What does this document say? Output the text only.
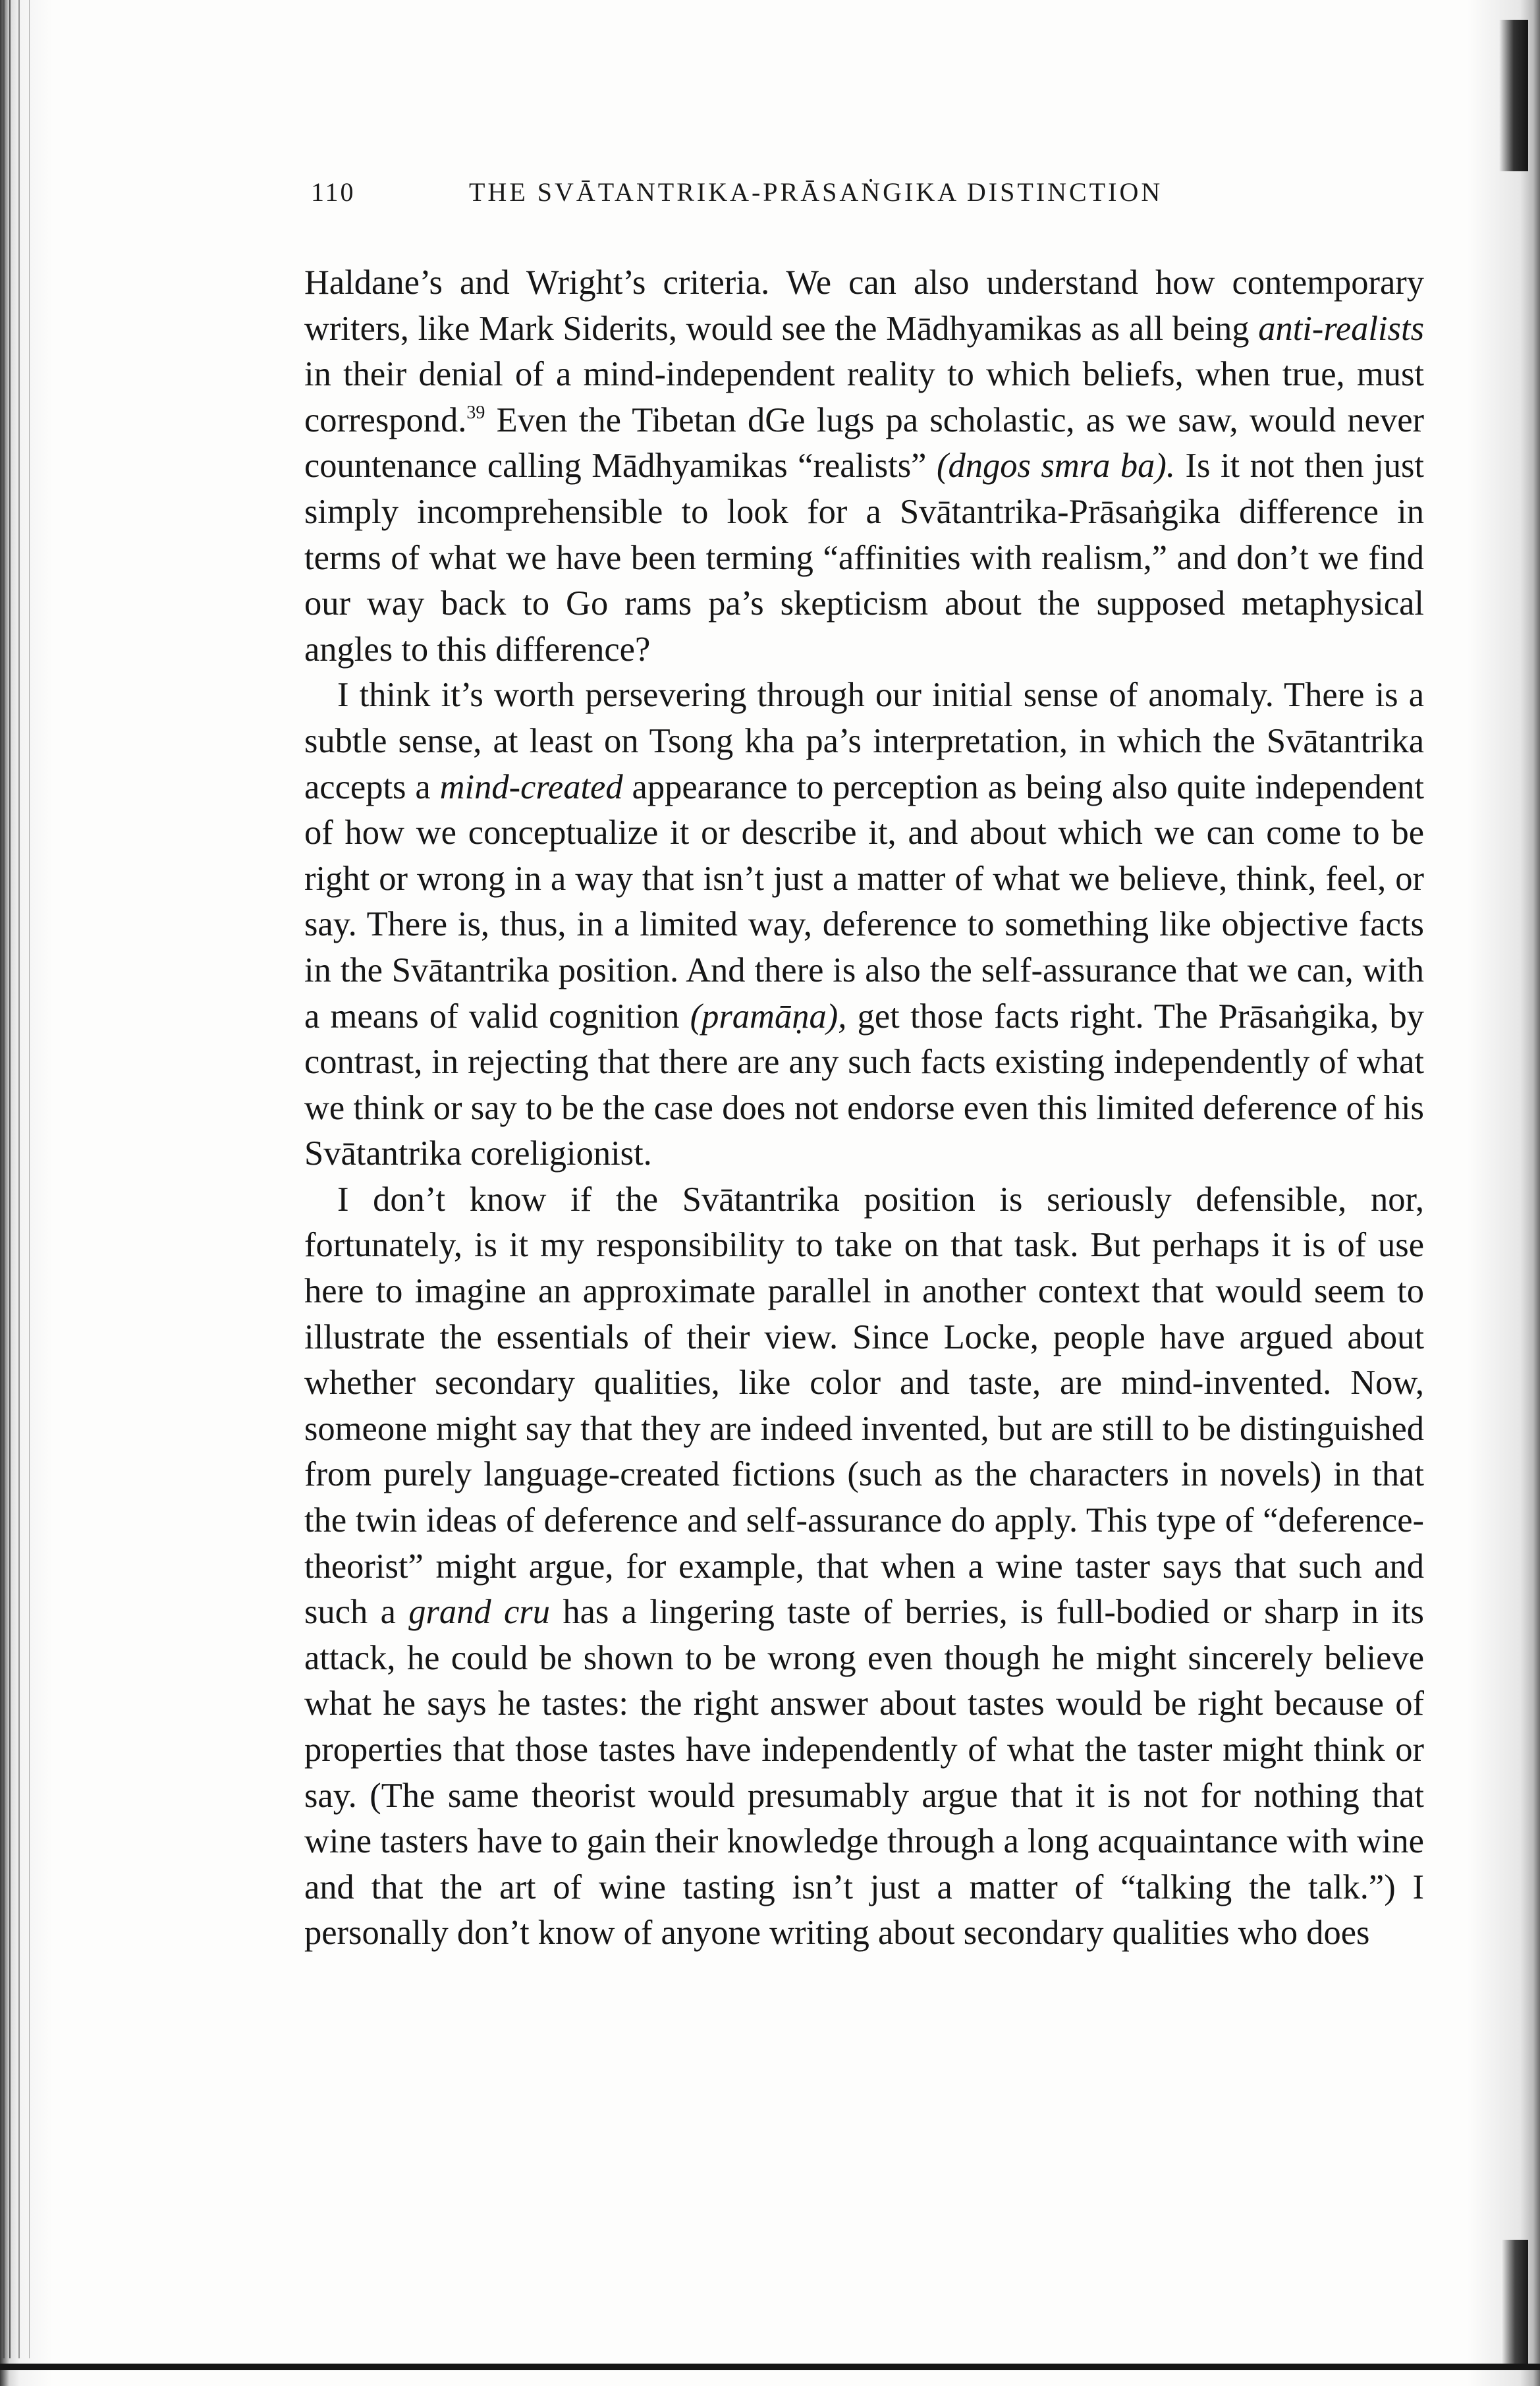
110	THE SVĀTANTRIKA-PRĀSAṄGIKA DISTINCTION

Haldane’s and Wright’s criteria. We can also understand how contemporary writers, like Mark Siderits, would see the Mādhyamikas as all being anti-realists in their denial of a mind-independent reality to which beliefs, when true, must correspond.$^{39}$ Even the Tibetan dGe lugs pa scholastic, as we saw, would never countenance calling Mādhyamikas “realists” (dngos smra ba). Is it not then just simply incomprehensible to look for a Svātantrika-Prāsaṅgika difference in terms of what we have been terming “affinities with realism,” and don’t we find our way back to Go rams pa’s skepticism about the supposed metaphysical angles to this difference?

I think it’s worth persevering through our initial sense of anomaly. There is a subtle sense, at least on Tsong kha pa’s interpretation, in which the Svātantrika accepts a mind-created appearance to perception as being also quite independent of how we conceptualize it or describe it, and about which we can come to be right or wrong in a way that isn’t just a matter of what we believe, think, feel, or say. There is, thus, in a limited way, deference to something like objective facts in the Svātantrika position. And there is also the self-assurance that we can, with a means of valid cognition (pramāṇa), get those facts right. The Prāsaṅgika, by contrast, in rejecting that there are any such facts existing independently of what we think or say to be the case does not endorse even this limited deference of his Svātantrika coreligionist.

I don’t know if the Svātantrika position is seriously defensible, nor, fortunately, is it my responsibility to take on that task. But perhaps it is of use here to imagine an approximate parallel in another context that would seem to illustrate the essentials of their view. Since Locke, people have argued about whether secondary qualities, like color and taste, are mind-invented. Now, someone might say that they are indeed invented, but are still to be distinguished from purely language-created fictions (such as the characters in novels) in that the twin ideas of deference and self-assurance do apply. This type of “deference-theorist” might argue, for example, that when a wine taster says that such and such a grand cru has a lingering taste of berries, is full-bodied or sharp in its attack, he could be shown to be wrong even though he might sincerely believe what he says he tastes: the right answer about tastes would be right because of properties that those tastes have independently of what the taster might think or say. (The same theorist would presumably argue that it is not for nothing that wine tasters have to gain their knowledge through a long acquaintance with wine and that the art of wine tasting isn’t just a matter of “talking the talk.”) I personally don’t know of anyone writing about secondary qualities who does
